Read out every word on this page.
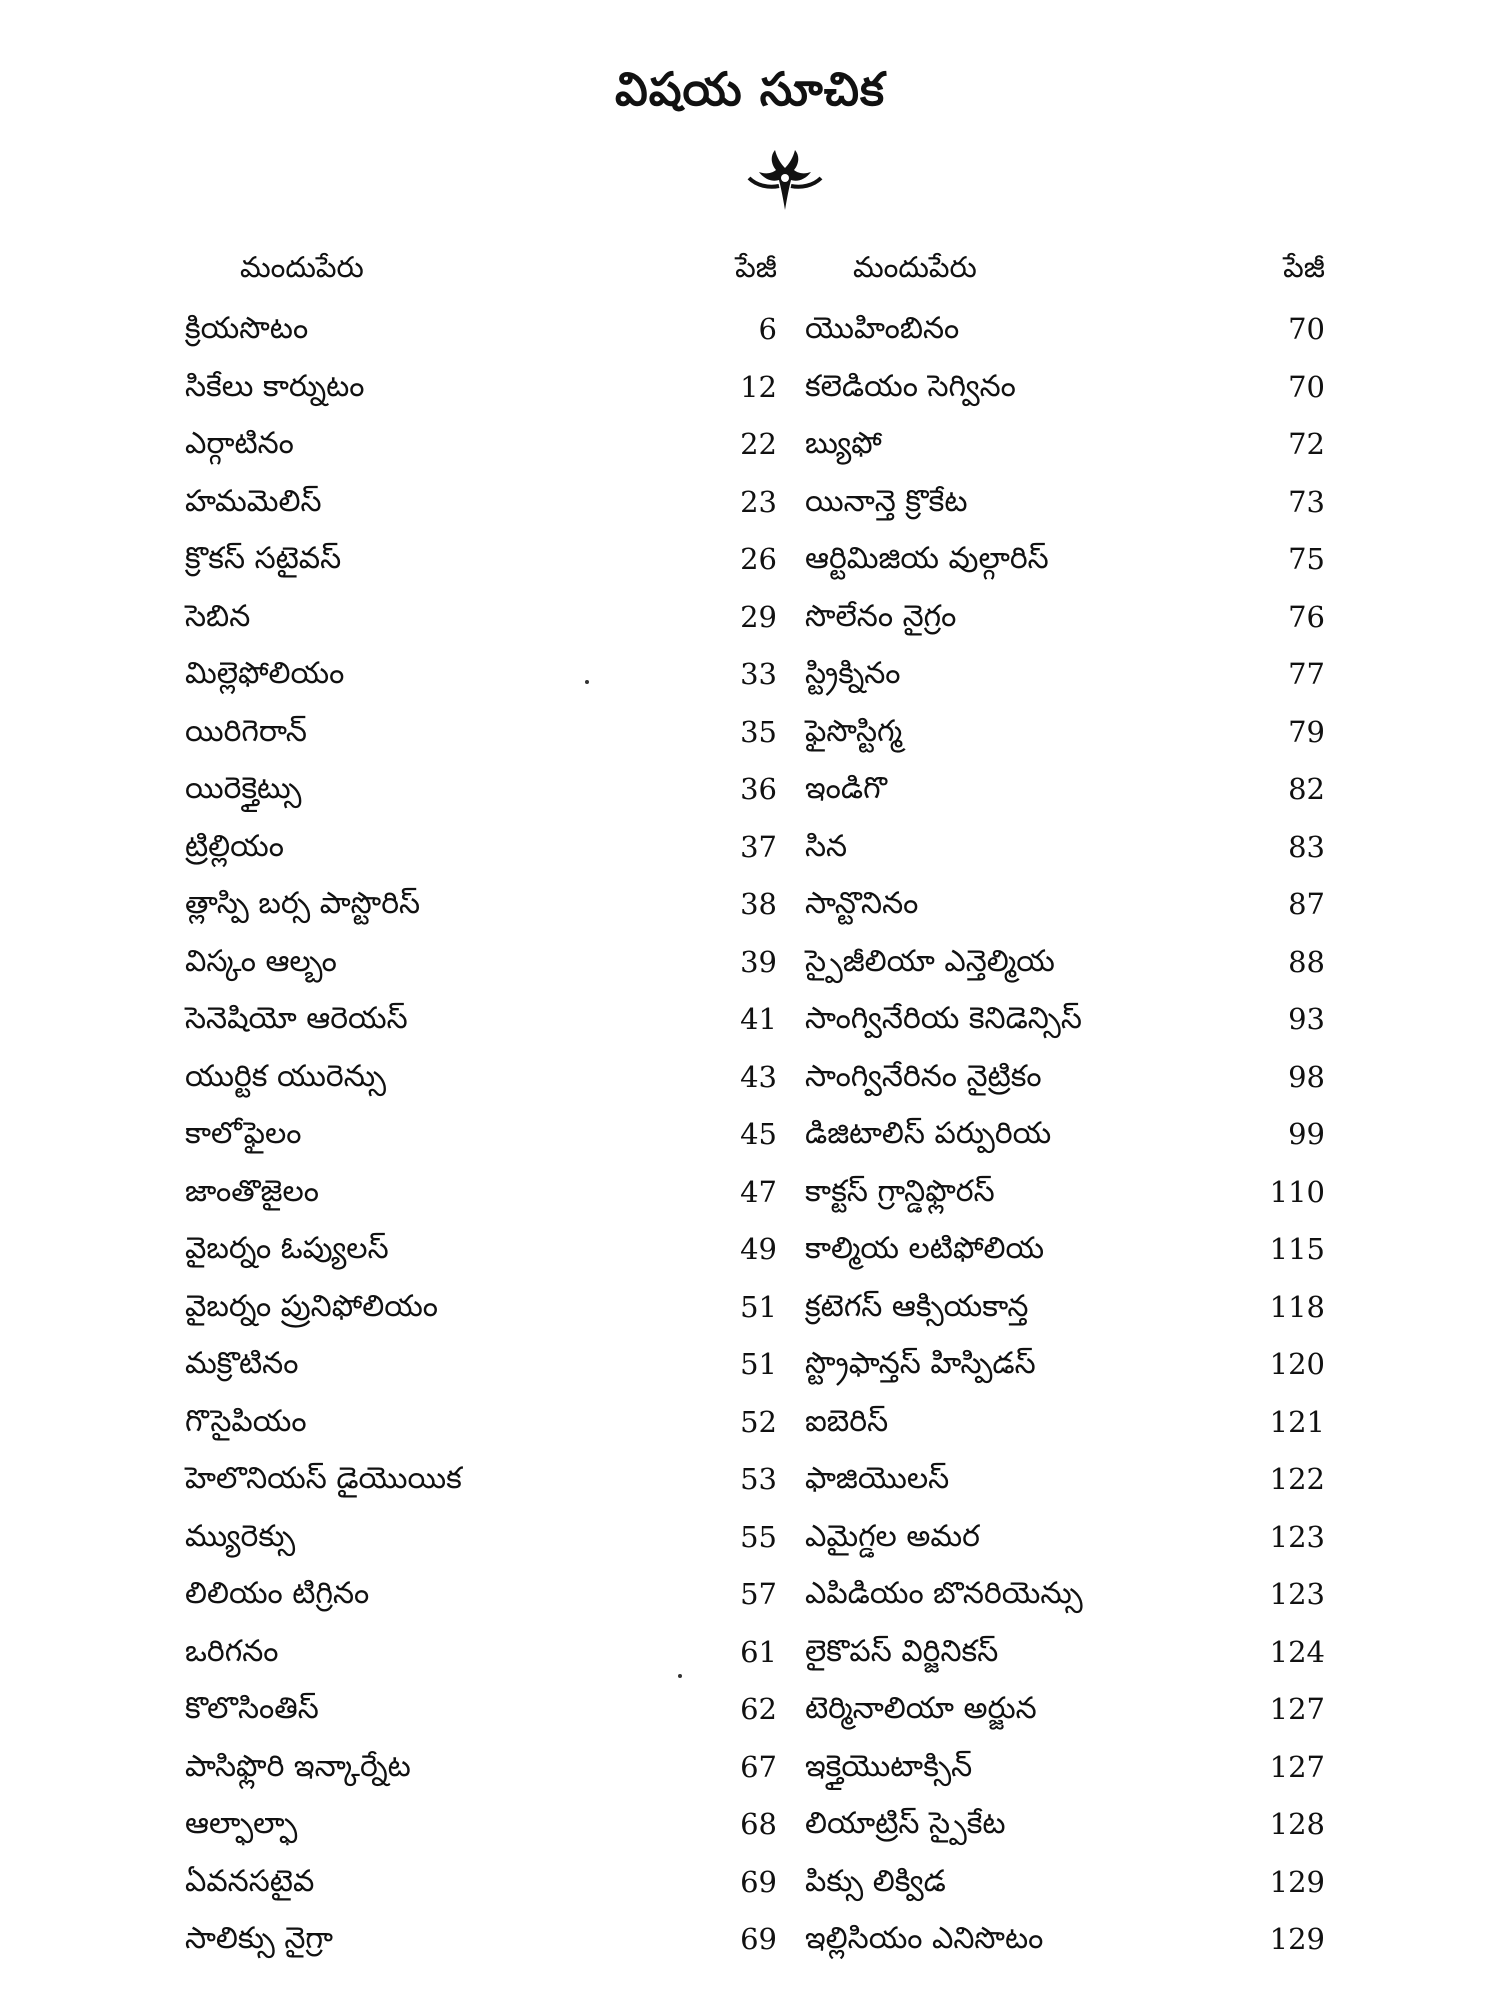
విషయ సూచిక
మందుపేరు	పేజీ
క్రియసొటం	6
సికేలు కార్నుటం	12
ఎర్గాటినం	22
హమమెలిస్	23
క్రొకస్ సటైవస్	26
సెబిన	29
మిల్లెఫోలియం	33
యిరిగెరాన్	35
యిరెక్తైట్సు	36
ట్రిల్లియం	37
త్లాస్పి బర్స పాస్టొరిస్	38
విస్కం ఆల్బం	39
సెనెషియో ఆరెయస్	41
యుర్టిక యురెన్సు	43
కాలోఫైలం	45
జాంతొజైలం	47
వైబర్నం ఓప్యులస్	49
వైబర్నం ప్రునిఫోలియం	51
మక్రొటినం	51
గొసైపియం	52
హెలొనియస్ డైయొయిక	53
మ్యురెక్సు	55
లిలియం టిగ్రినం	57
ఒరిగనం	61
కొలొసింతిస్	62
పాసిఫ్లొరి ఇన్కార్నేట	67
ఆల్ఫాల్ఫా	68
ఏవనసటైవ	69
సాలిక్సు నైగ్రా	69
మందుపేరు	పేజీ
యొహింబినం	70
కలెడియం సెగ్వినం	70
బ్యుఫో	72
యినాన్తె క్రొకేట	73
ఆర్టిమిజియ వుల్గారిస్	75
సొలేనం నైగ్రం	76
స్ట్రిక్నినం	77
ఫైసొస్టిగ్మ	79
ఇండిగొ	82
సిన	83
సాన్టొనినం	87
స్పైజీలియా ఎన్తెల్మియ	88
సాంగ్వినేరియ కెనిడెన్సిస్	93
సాంగ్వినేరినం నైట్రికం	98
డిజిటాలిస్ పర్పురియ	99
కాక్టస్ గ్రాన్డిఫ్లొరస్	110
కాల్మియ లటిఫోలియ	115
క్రటెగస్ ఆక్సియకాన్త	118
స్ట్రొఫాన్తస్ హిస్పిడస్	120
ఐబెరిస్	121
ఫాజియొలస్	122
ఎమైగ్డల అమర	123
ఎపిడియం బొనరియెన్సు	123
లైకొపస్ విర్జినికస్	124
టెర్మినాలియా అర్జున	127
ఇక్తైయొటాక్సిన్	127
లియాట్రిస్ స్పైకేట	128
పిక్సు లిక్విడ	129
ఇల్లిసియం ఎనిసొటం	129
